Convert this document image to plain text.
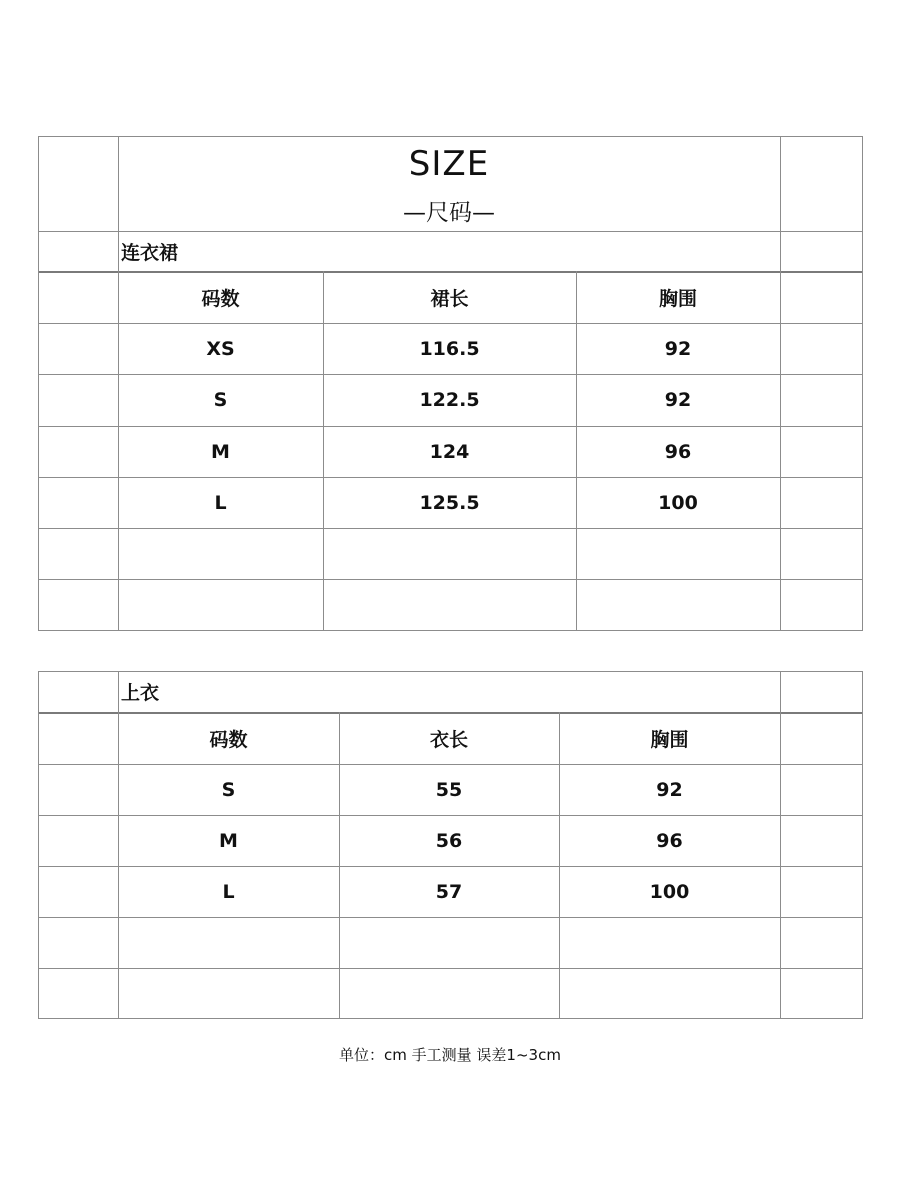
SIZE
—尺码—
连衣裙
码数	裙长	胸围
XS	116.5	92
S	122.5	92
M	124	96
L	125.5	100
上衣
码数	衣长	胸围
S	55	92
M	56	96
L	57	100
单位：cm 手工测量 误差1~3cm
